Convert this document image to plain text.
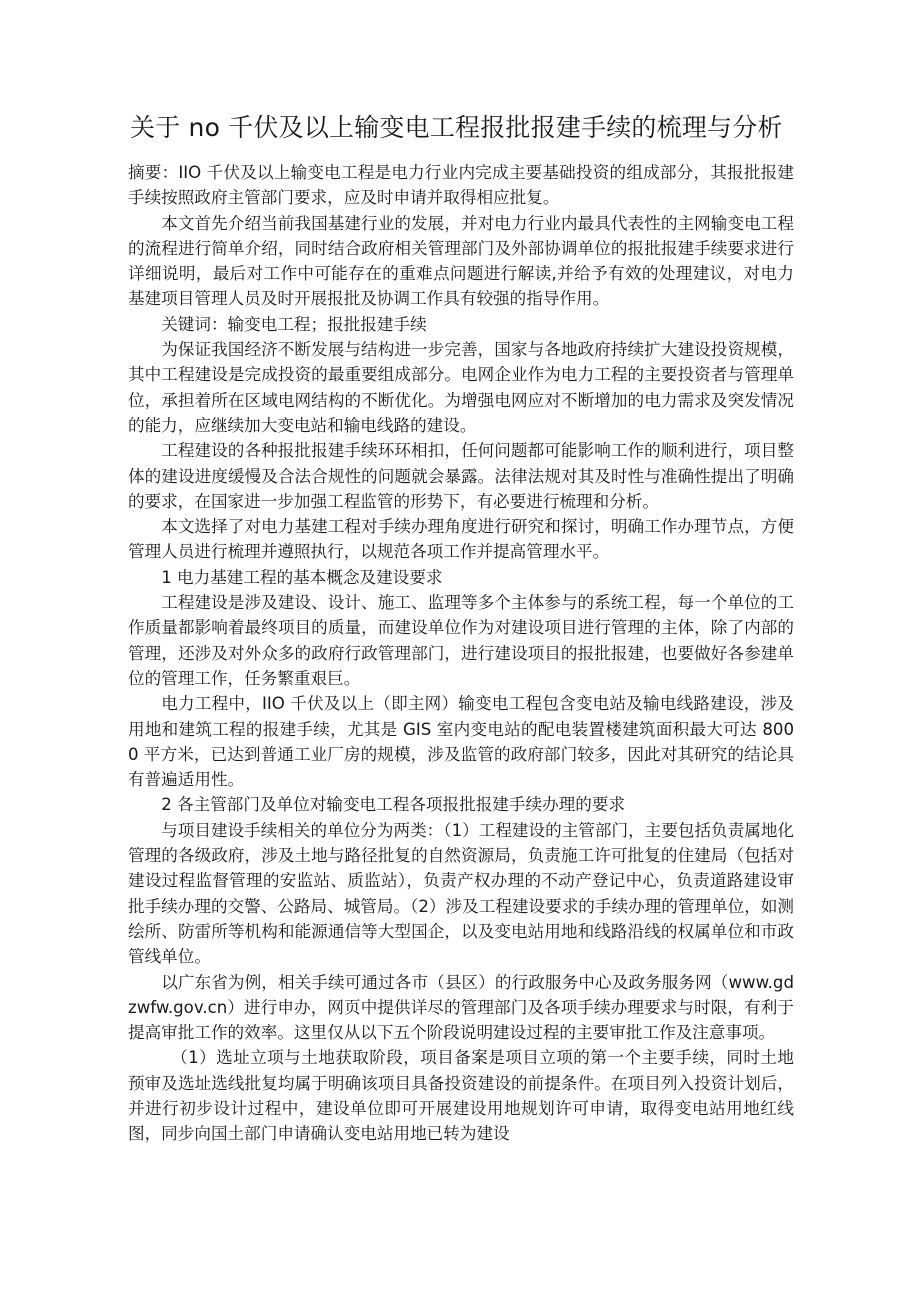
关于 no 千伏及以上输变电工程报批报建手续的梳理与分析

摘要：IIO 千伏及以上输变电工程是电力行业内完成主要基础投资的组成部分，其报批报建手续按照政府主管部门要求，应及时申请并取得相应批复。

本文首先介绍当前我国基建行业的发展，并对电力行业内最具代表性的主网输变电工程的流程进行简单介绍，同时结合政府相关管理部门及外部协调单位的报批报建手续要求进行详细说明，最后对工作中可能存在的重难点问题进行解读,并给予有效的处理建议，对电力基建项目管理人员及时开展报批及协调工作具有较强的指导作用。

关键词：输变电工程；报批报建手续

为保证我国经济不断发展与结构进一步完善，国家与各地政府持续扩大建设投资规模，其中工程建设是完成投资的最重要组成部分。电网企业作为电力工程的主要投资者与管理单位，承担着所在区域电网结构的不断优化。为增强电网应对不断增加的电力需求及突发情况的能力，应继续加大变电站和输电线路的建设。

工程建设的各种报批报建手续环环相扣，任何问题都可能影响工作的顺利进行，项目整体的建设进度缓慢及合法合规性的问题就会暴露。法律法规对其及时性与准确性提出了明确的要求，在国家进一步加强工程监管的形势下，有必要进行梳理和分析。

本文选择了对电力基建工程对手续办理角度进行研究和探讨，明确工作办理节点，方便管理人员进行梳理并遵照执行，以规范各项工作并提高管理水平。

1 电力基建工程的基本概念及建设要求

工程建设是涉及建设、设计、施工、监理等多个主体参与的系统工程，每一个单位的工作质量都影响着最终项目的质量，而建设单位作为对建设项目进行管理的主体，除了内部的管理，还涉及对外众多的政府行政管理部门，进行建设项目的报批报建，也要做好各参建单位的管理工作，任务繁重艰巨。

电力工程中，IIO 千伏及以上（即主网）输变电工程包含变电站及输电线路建设，涉及用地和建筑工程的报建手续，尤其是 GIS 室内变电站的配电装置楼建筑面积最大可达 8000 平方米，已达到普通工业厂房的规模，涉及监管的政府部门较多，因此对其研究的结论具有普遍适用性。

2 各主管部门及单位对输变电工程各项报批报建手续办理的要求

与项目建设手续相关的单位分为两类：（1）工程建设的主管部门，主要包括负责属地化管理的各级政府，涉及土地与路径批复的自然资源局，负责施工许可批复的住建局（包括对建设过程监督管理的安监站、质监站），负责产权办理的不动产登记中心，负责道路建设审批手续办理的交警、公路局、城管局。（2）涉及工程建设要求的手续办理的管理单位，如测绘所、防雷所等机构和能源通信等大型国企，以及变电站用地和线路沿线的权属单位和市政管线单位。

以广东省为例，相关手续可通过各市（县区）的行政服务中心及政务服务网（www.gdzwfw.gov.cn）进行申办，网页中提供详尽的管理部门及各项手续办理要求与时限，有利于提高审批工作的效率。这里仅从以下五个阶段说明建设过程的主要审批工作及注意事项。

（1）选址立项与土地获取阶段，项目备案是项目立项的第一个主要手续，同时土地预审及选址选线批复均属于明确该项目具备投资建设的前提条件。在项目列入投资计划后，并进行初步设计过程中，建设单位即可开展建设用地规划许可申请，取得变电站用地红线图，同步向国土部门申请确认变电站用地已转为建设
